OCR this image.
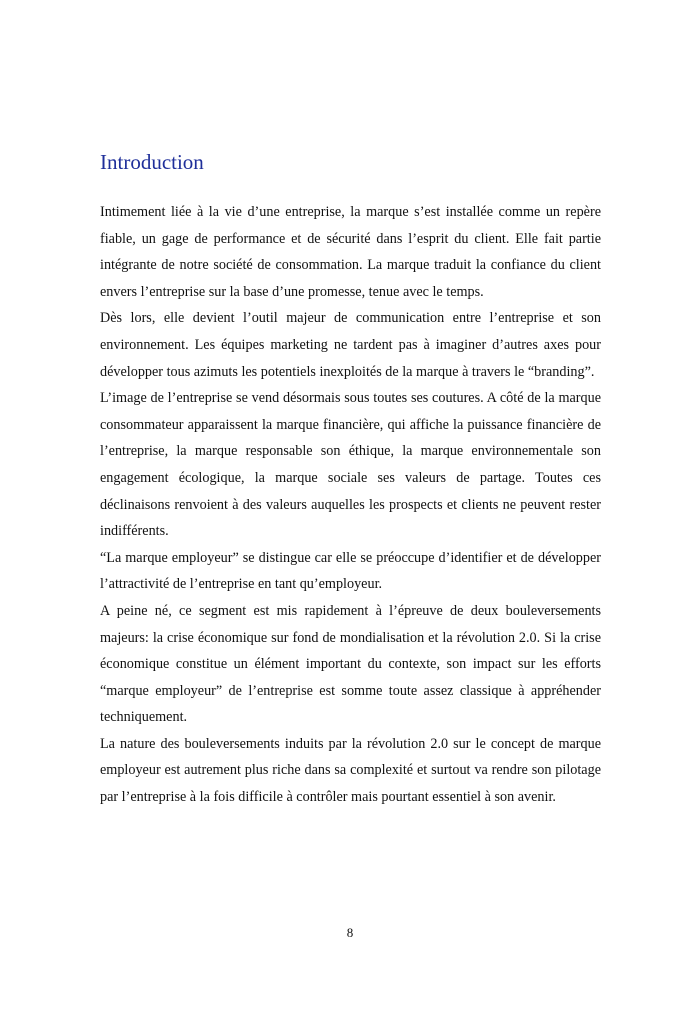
Introduction

Intimement liée à la vie d’une entreprise, la marque s’est installée comme un repère fiable, un gage de performance et de sécurité dans l’esprit du client. Elle fait partie intégrante de notre société de consommation. La marque traduit la confiance du client envers l’entreprise sur la base d’une promesse, tenue avec le temps.

Dès lors, elle devient l’outil majeur de communication entre l’entreprise et son environnement. Les équipes marketing ne tardent pas à imaginer d’autres axes pour développer tous azimuts les potentiels inexploités de la marque à travers le “branding”.

L’image de l’entreprise se vend désormais sous toutes ses coutures. A côté de la marque consommateur apparaissent la marque financière, qui affiche la puissance financière de l’entreprise, la marque responsable son éthique, la marque environnementale son engagement écologique, la marque sociale ses valeurs de partage. Toutes ces déclinaisons renvoient à des valeurs auquelles les prospects et clients ne peuvent rester indifférents.

“La marque employeur” se distingue car elle se préoccupe d’identifier et de développer l’attractivité de l’entreprise en tant qu’employeur.

A peine né, ce segment est mis rapidement à l’épreuve de deux bouleversements majeurs: la crise économique sur fond de mondialisation et la révolution 2.0. Si la crise économique constitue un élément important du contexte, son impact sur les efforts “marque employeur” de l’entreprise est somme toute assez classique à appréhender techniquement.

La nature des bouleversements induits par la révolution 2.0 sur le concept de marque employeur est autrement plus riche dans sa complexité et surtout va rendre son pilotage par l’entreprise à la fois difficile à contrôler mais pourtant essentiel à son avenir.

8
